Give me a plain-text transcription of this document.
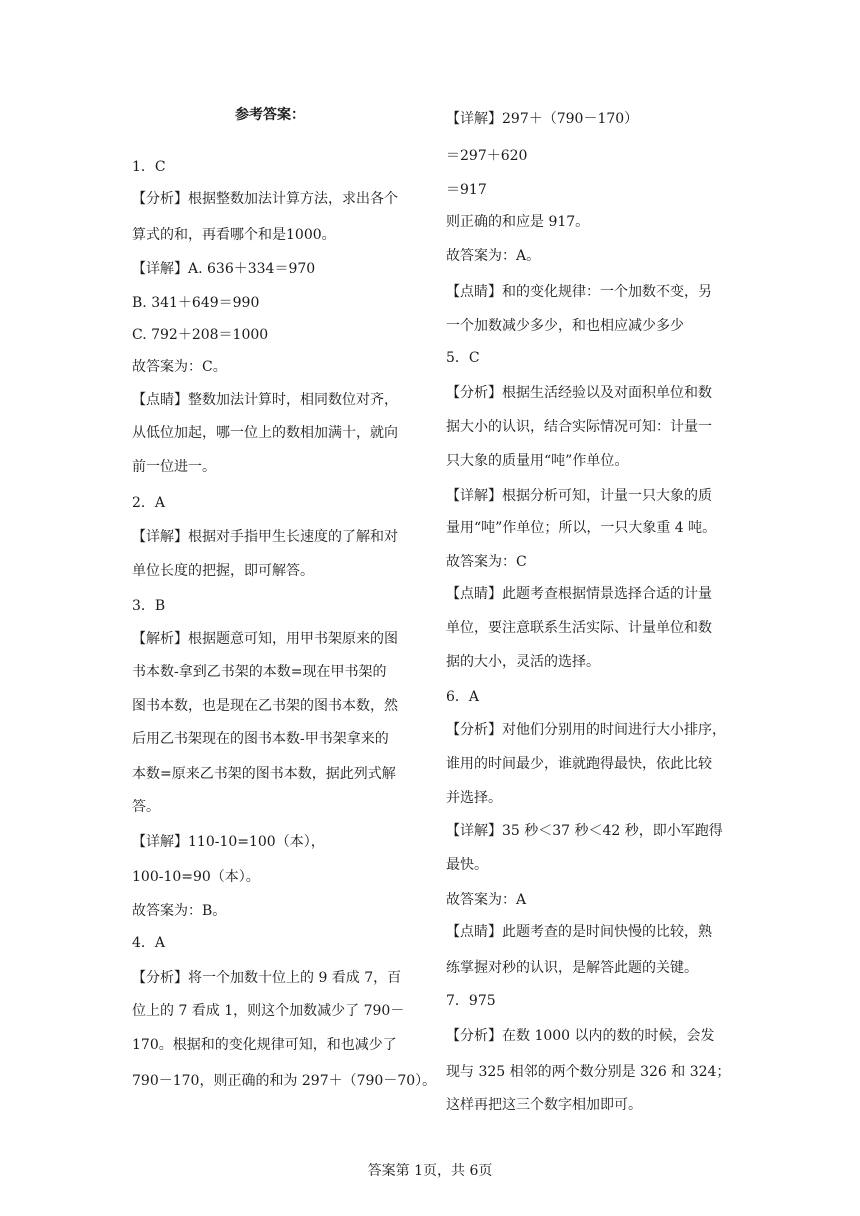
参考答案：
1．C
【分析】根据整数加法计算方法，求出各个
算式的和，再看哪个和是1000。
【详解】A. 636＋334＝970
B. 341＋649＝990
C. 792＋208＝1000
故答案为：C。
【点睛】整数加法计算时，相同数位对齐，
从低位加起，哪一位上的数相加满十，就向
前一位进一。
2．A
【详解】根据对手指甲生长速度的了解和对
单位长度的把握，即可解答。
3．B
【解析】根据题意可知，用甲书架原来的图
书本数-拿到乙书架的本数=现在甲书架的
图书本数，也是现在乙书架的图书本数，然
后用乙书架现在的图书本数-甲书架拿来的
本数=原来乙书架的图书本数，据此列式解
答。
【详解】110-10=100（本），
100-10=90（本）。
故答案为：B。
4．A
【分析】将一个加数十位上的 9 看成 7，百
位上的 7 看成 1，则这个加数减少了 790－
170。根据和的变化规律可知，和也减少了
790－170，则正确的和为 297＋（790－70）。
【详解】297＋（790－170）
＝297＋620
＝917
则正确的和应是 917。
故答案为：A。
【点睛】和的变化规律：一个加数不变，另
一个加数减少多少，和也相应减少多少
5．C
【分析】根据生活经验以及对面积单位和数
据大小的认识，结合实际情况可知：计量一
只大象的质量用“吨”作单位。
【详解】根据分析可知，计量一只大象的质
量用“吨”作单位；所以，一只大象重 4 吨。
故答案为：C
【点睛】此题考查根据情景选择合适的计量
单位，要注意联系生活实际、计量单位和数
据的大小，灵活的选择。
6．A
【分析】对他们分别用的时间进行大小排序，
谁用的时间最少，谁就跑得最快，依此比较
并选择。
【详解】35 秒＜37 秒＜42 秒，即小军跑得
最快。
故答案为：A
【点睛】此题考查的是时间快慢的比较，熟
练掌握对秒的认识，是解答此题的关键。
7．975
【分析】在数 1000 以内的数的时候，会发
现与 325 相邻的两个数分别是 326 和 324；
这样再把这三个数字相加即可。
答案第 1页，共 6页
